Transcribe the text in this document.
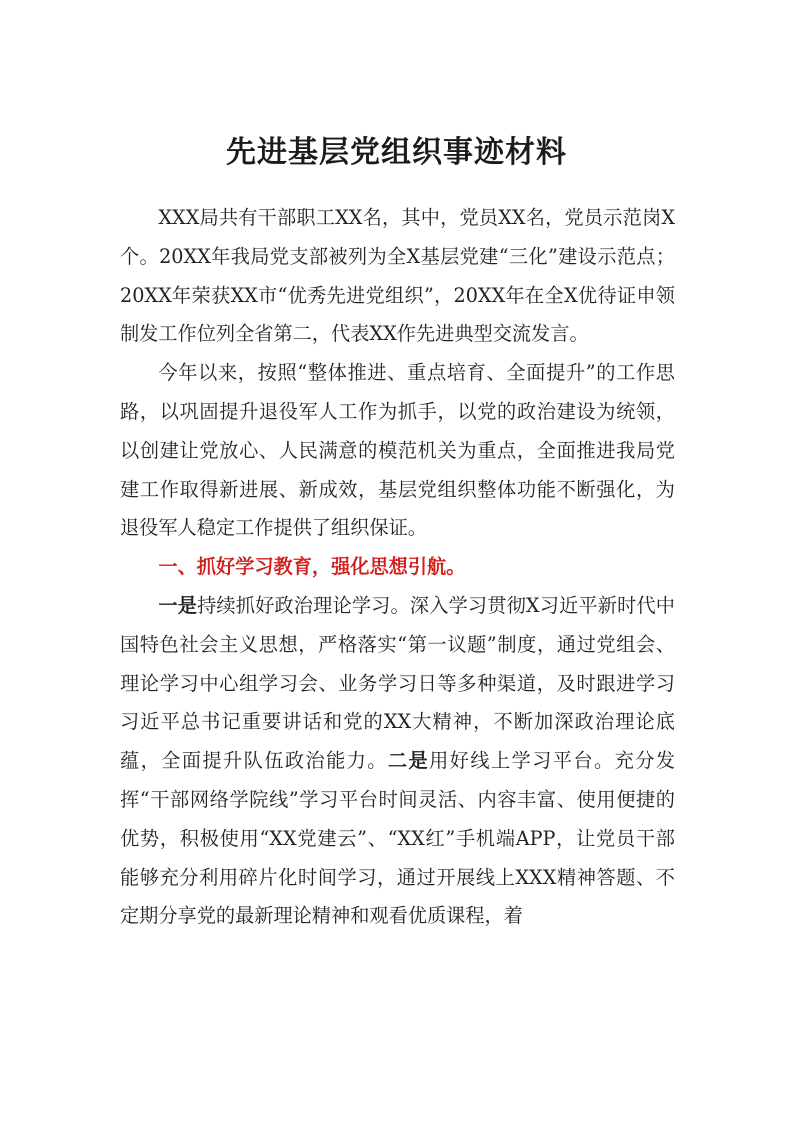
先进基层党组织事迹材料

XXX局共有干部职工XX名，其中，党员XX名，党员示范岗X个。20XX年我局党支部被列为全X基层党建“三化”建设示范点；20XX年荣获XX市“优秀先进党组织”，20XX年在全X优待证申领制发工作位列全省第二，代表XX作先进典型交流发言。

今年以来，按照“整体推进、重点培育、全面提升”的工作思路，以巩固提升退役军人工作为抓手，以党的政治建设为统领，以创建让党放心、人民满意的模范机关为重点，全面推进我局党建工作取得新进展、新成效，基层党组织整体功能不断强化，为退役军人稳定工作提供了组织保证。

一、抓好学习教育，强化思想引航。

一是持续抓好政治理论学习。深入学习贯彻X习近平新时代中国特色社会主义思想，严格落实“第一议题”制度，通过党组会、理论学习中心组学习会、业务学习日等多种渠道，及时跟进学习习近平总书记重要讲话和党的XX大精神，不断加深政治理论底蕴，全面提升队伍政治能力。二是用好线上学习平台。充分发挥“干部网络学院线”学习平台时间灵活、内容丰富、使用便捷的优势，积极使用“XX党建云”、“XX红”手机端APP，让党员干部能够充分利用碎片化时间学习，通过开展线上XXX精神答题、不定期分享党的最新理论精神和观看优质课程，着
